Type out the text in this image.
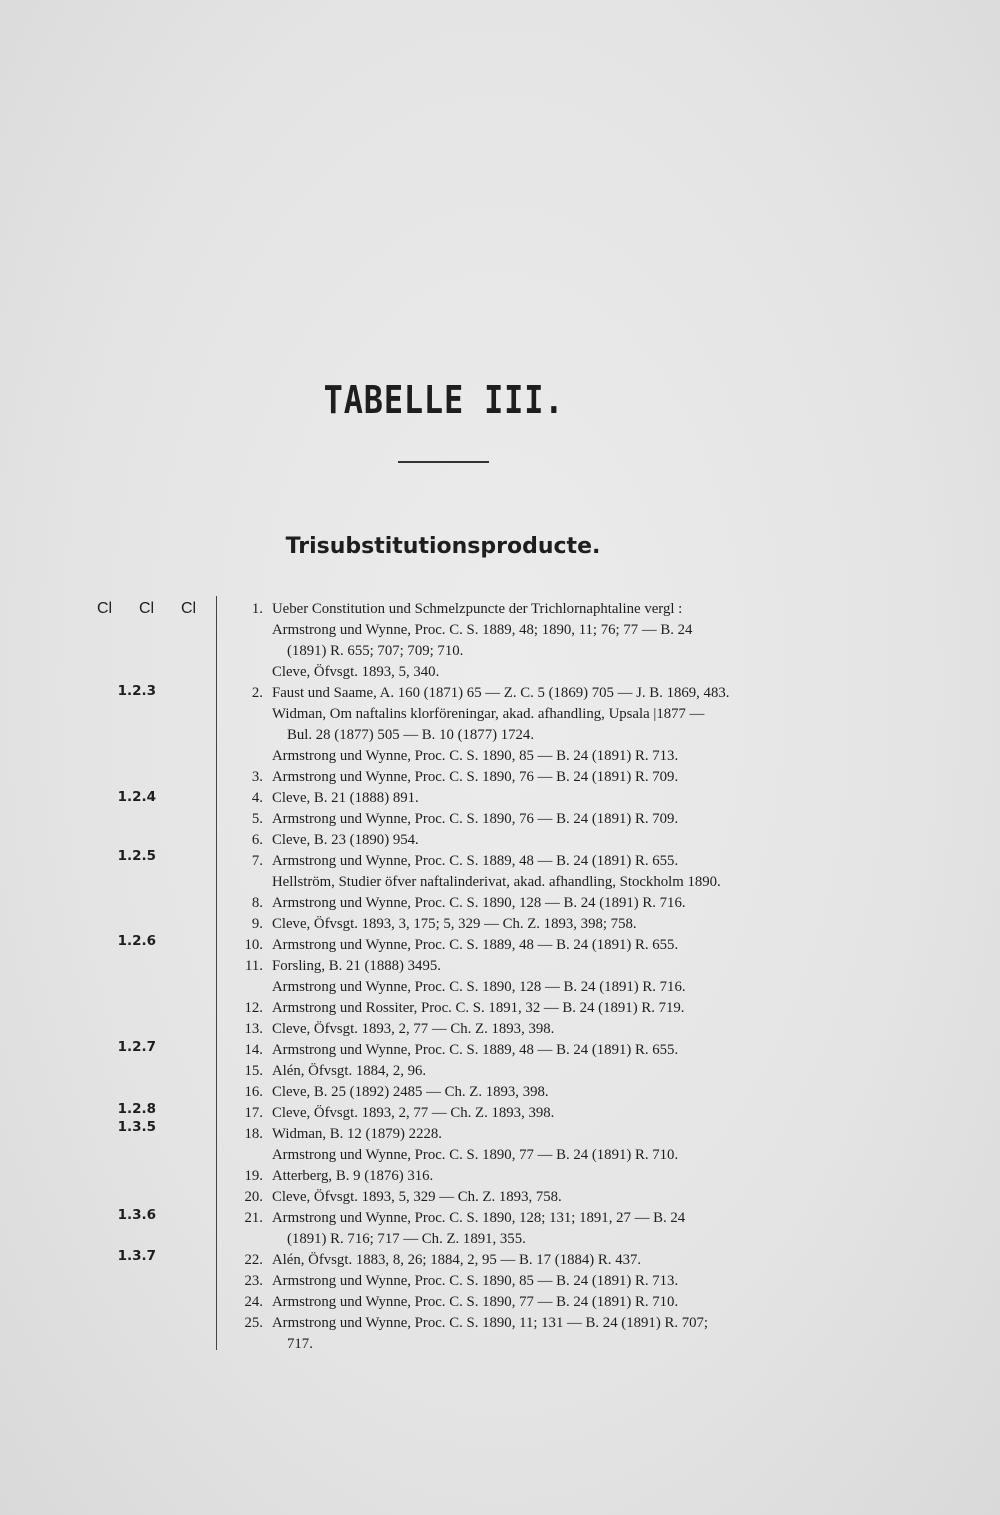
TABELLE III.
Trisubstitutionsproducte.
Cl Cl Cl
1.2.3
1.2.4
1.2.5
1.2.6
1.2.7
1.2.8
1.3.5
1.3.6
1.3.7
1. Ueber Constitution und Schmelzpuncte der Trichlornaphtaline vergl :
Armstrong und Wynne, Proc. C. S. 1889, 48; 1890, 11; 76; 77 — B. 24
(1891) R. 655; 707; 709; 710.
Cleve, Öfvsgt. 1893, 5, 340.
2. Faust und Saame, A. 160 (1871) 65 — Z. C. 5 (1869) 705 — J. B. 1869, 483.
Widman, Om naftalins klorföreningar, akad. afhandling, Upsala |1877 —
Bul. 28 (1877) 505 — B. 10 (1877) 1724.
Armstrong und Wynne, Proc. C. S. 1890, 85 — B. 24 (1891) R. 713.
3. Armstrong und Wynne, Proc. C. S. 1890, 76 — B. 24 (1891) R. 709.
4. Cleve, B. 21 (1888) 891.
5. Armstrong und Wynne, Proc. C. S. 1890, 76 — B. 24 (1891) R. 709.
6. Cleve, B. 23 (1890) 954.
7. Armstrong und Wynne, Proc. C. S. 1889, 48 — B. 24 (1891) R. 655.
Hellström, Studier öfver naftalinderivat, akad. afhandling, Stockholm 1890.
8. Armstrong und Wynne, Proc. C. S. 1890, 128 — B. 24 (1891) R. 716.
9. Cleve, Öfvsgt. 1893, 3, 175; 5, 329 — Ch. Z. 1893, 398; 758.
10. Armstrong und Wynne, Proc. C. S. 1889, 48 — B. 24 (1891) R. 655.
11. Forsling, B. 21 (1888) 3495.
Armstrong und Wynne, Proc. C. S. 1890, 128 — B. 24 (1891) R. 716.
12. Armstrong und Rossiter, Proc. C. S. 1891, 32 — B. 24 (1891) R. 719.
13. Cleve, Öfvsgt. 1893, 2, 77 — Ch. Z. 1893, 398.
14. Armstrong und Wynne, Proc. C. S. 1889, 48 — B. 24 (1891) R. 655.
15. Alén, Öfvsgt. 1884, 2, 96.
16. Cleve, B. 25 (1892) 2485 — Ch. Z. 1893, 398.
17. Cleve, Öfvsgt. 1893, 2, 77 — Ch. Z. 1893, 398.
18. Widman, B. 12 (1879) 2228.
Armstrong und Wynne, Proc. C. S. 1890, 77 — B. 24 (1891) R. 710.
19. Atterberg, B. 9 (1876) 316.
20. Cleve, Öfvsgt. 1893, 5, 329 — Ch. Z. 1893, 758.
21. Armstrong und Wynne, Proc. C. S. 1890, 128; 131; 1891, 27 — B. 24
(1891) R. 716; 717 — Ch. Z. 1891, 355.
22. Alén, Öfvsgt. 1883, 8, 26; 1884, 2, 95 — B. 17 (1884) R. 437.
23. Armstrong und Wynne, Proc. C. S. 1890, 85 — B. 24 (1891) R. 713.
24. Armstrong und Wynne, Proc. C. S. 1890, 77 — B. 24 (1891) R. 710.
25. Armstrong und Wynne, Proc. C. S. 1890, 11; 131 — B. 24 (1891) R. 707;
717.
